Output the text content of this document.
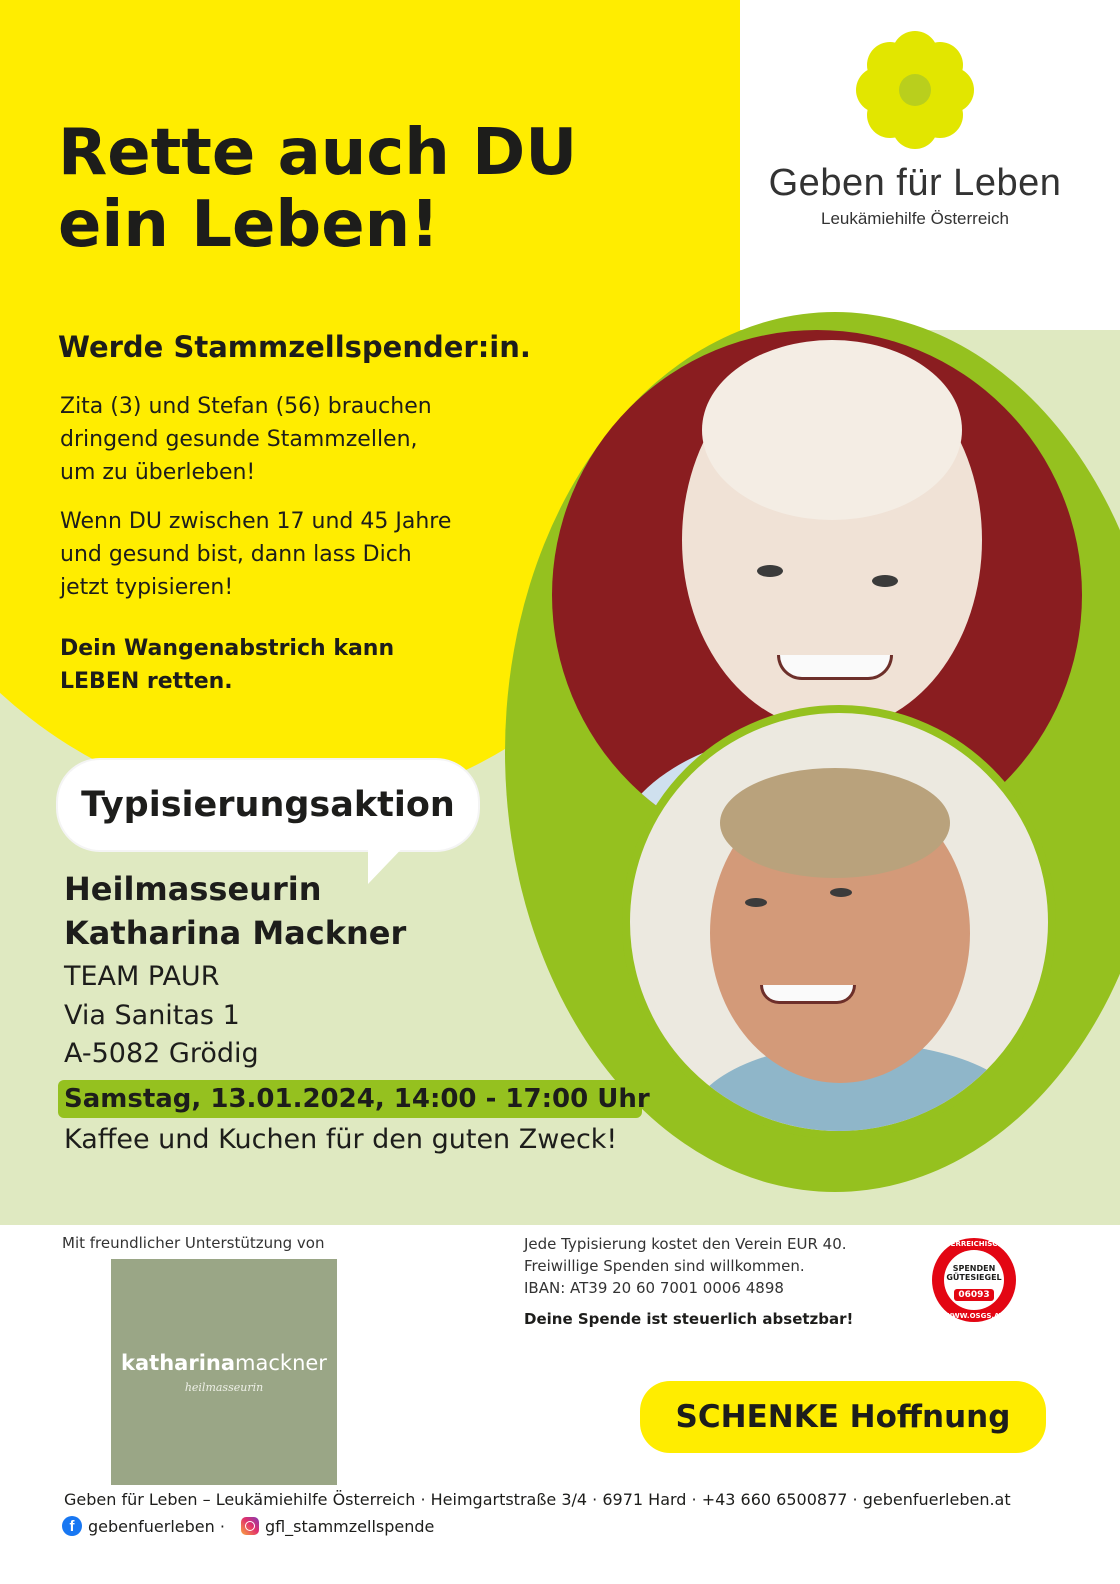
Geben für Leben
Leukämiehilfe Österreich
Rette auch DU
ein Leben!
Werde Stammzellspender:in.

Zita (3) und Stefan (56) brauchen
dringend gesunde Stammzellen,
um zu überleben!

Wenn DU zwischen 17 und 45 Jahre
und gesund bist, dann lass Dich
jetzt typisieren!

Dein Wangenabstrich kann
LEBEN retten.

Typisierungsaktion

Heilmasseurin

Katharina Mackner

TEAM PAUR

Via Sanitas 1

A-5082 Grödig

Samstag, 13.01.2024, 14:00 - 17:00 Uhr
Kaffee und Kuchen für den guten Zweck!
Mit freundlicher Unterstützung von
katharinamackner
heilmasseurin

Jede Typisierung kostet den Verein EUR 40.

Freiwillige Spenden sind willkommen.

IBAN: AT39 20 60 7001 0006 4898

Deine Spende ist steuerlich absetzbar!

ÖSTERREICHISCHES
SPENDEN
GÜTESIEGEL
06093
WWW.OSGS.AT
SCHENKE Hoffnung
Geben für Leben – Leukämiehilfe Österreich · Heimgartstraße 3/4 · 6971 Hard · +43 660 6500877 · gebenfuerleben.at
f gebenfuerleben ·	gfl_stammzellspende
